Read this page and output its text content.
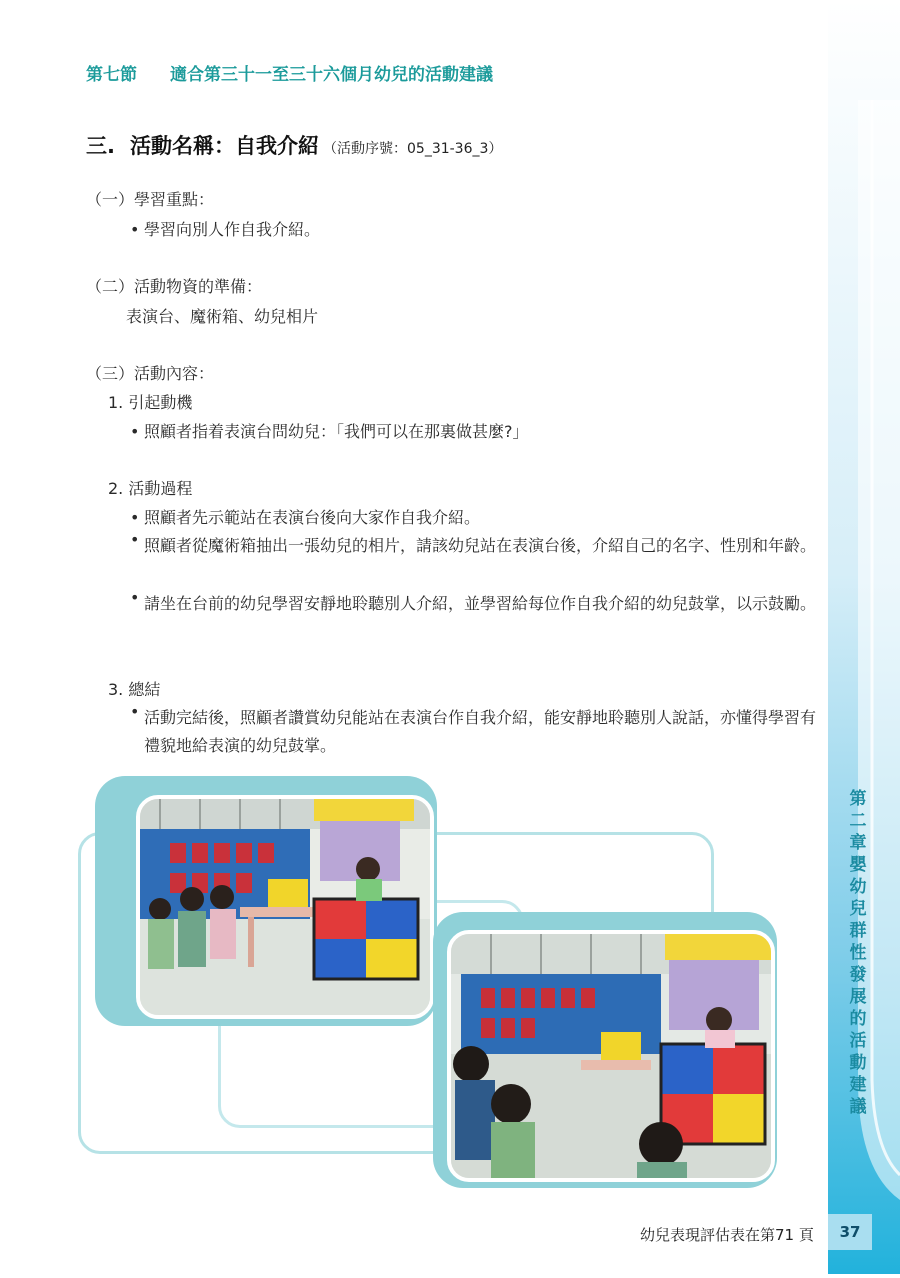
第二章 嬰幼兒群性發展的活動建議
37
第七節 適合第三十一至三十六個月幼兒的活動建議
三. 活動名稱：自我介紹 （活動序號：05_31-36_3）
（一）學習重點：
• 學習向別人作自我介紹。
（二）活動物資的準備：
表演台、魔術箱、幼兒相片
（三）活動內容：
1. 引起動機
• 照顧者指着表演台問幼兒：「我們可以在那裏做甚麼?」
2. 活動過程
• 照顧者先示範站在表演台後向大家作自我介紹。
• 照顧者從魔術箱抽出一張幼兒的相片，請該幼兒站在表演台後，介紹自己的名字、性別和年齡。
• 請坐在台前的幼兒學習安靜地聆聽別人介紹，並學習給每位作自我介紹的幼兒鼓掌，以示鼓勵。
3. 總結
• 活動完結後，照顧者讚賞幼兒能站在表演台作自我介紹，能安靜地聆聽別人說話，亦懂得學習有禮貌地給表演的幼兒鼓掌。
幼兒表現評估表在第71 頁
